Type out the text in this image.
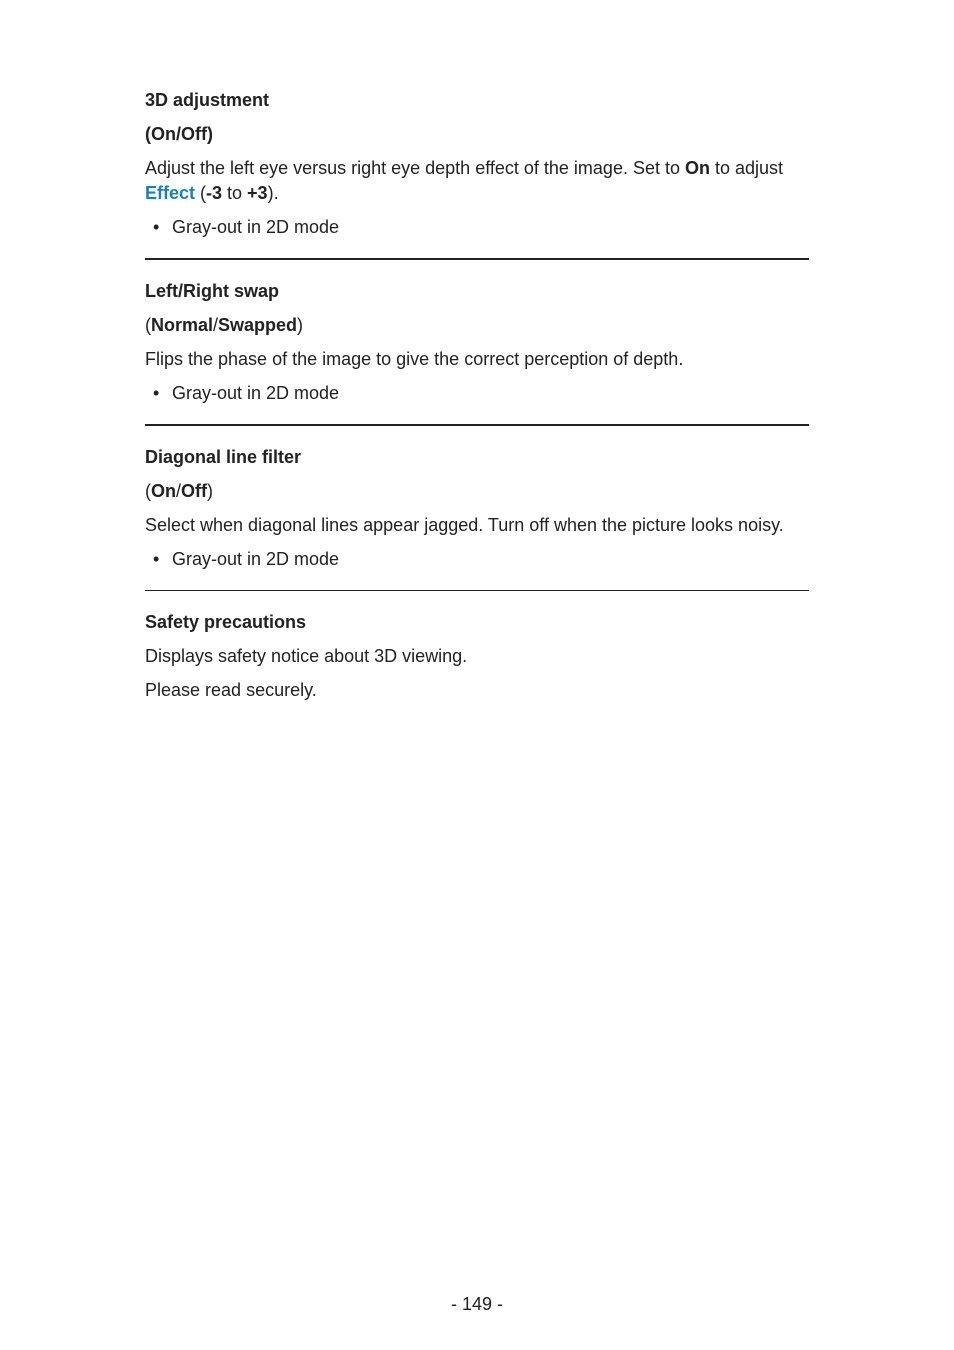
3D adjustment
(On/Off)
Adjust the left eye versus right eye depth effect of the image. Set to On to adjust Effect (-3 to +3).
• Gray-out in 2D mode
Left/Right swap
(Normal/Swapped)
Flips the phase of the image to give the correct perception of depth.
• Gray-out in 2D mode
Diagonal line filter
(On/Off)
Select when diagonal lines appear jagged. Turn off when the picture looks noisy.
• Gray-out in 2D mode
Safety precautions
Displays safety notice about 3D viewing.
Please read securely.
- 149 -
